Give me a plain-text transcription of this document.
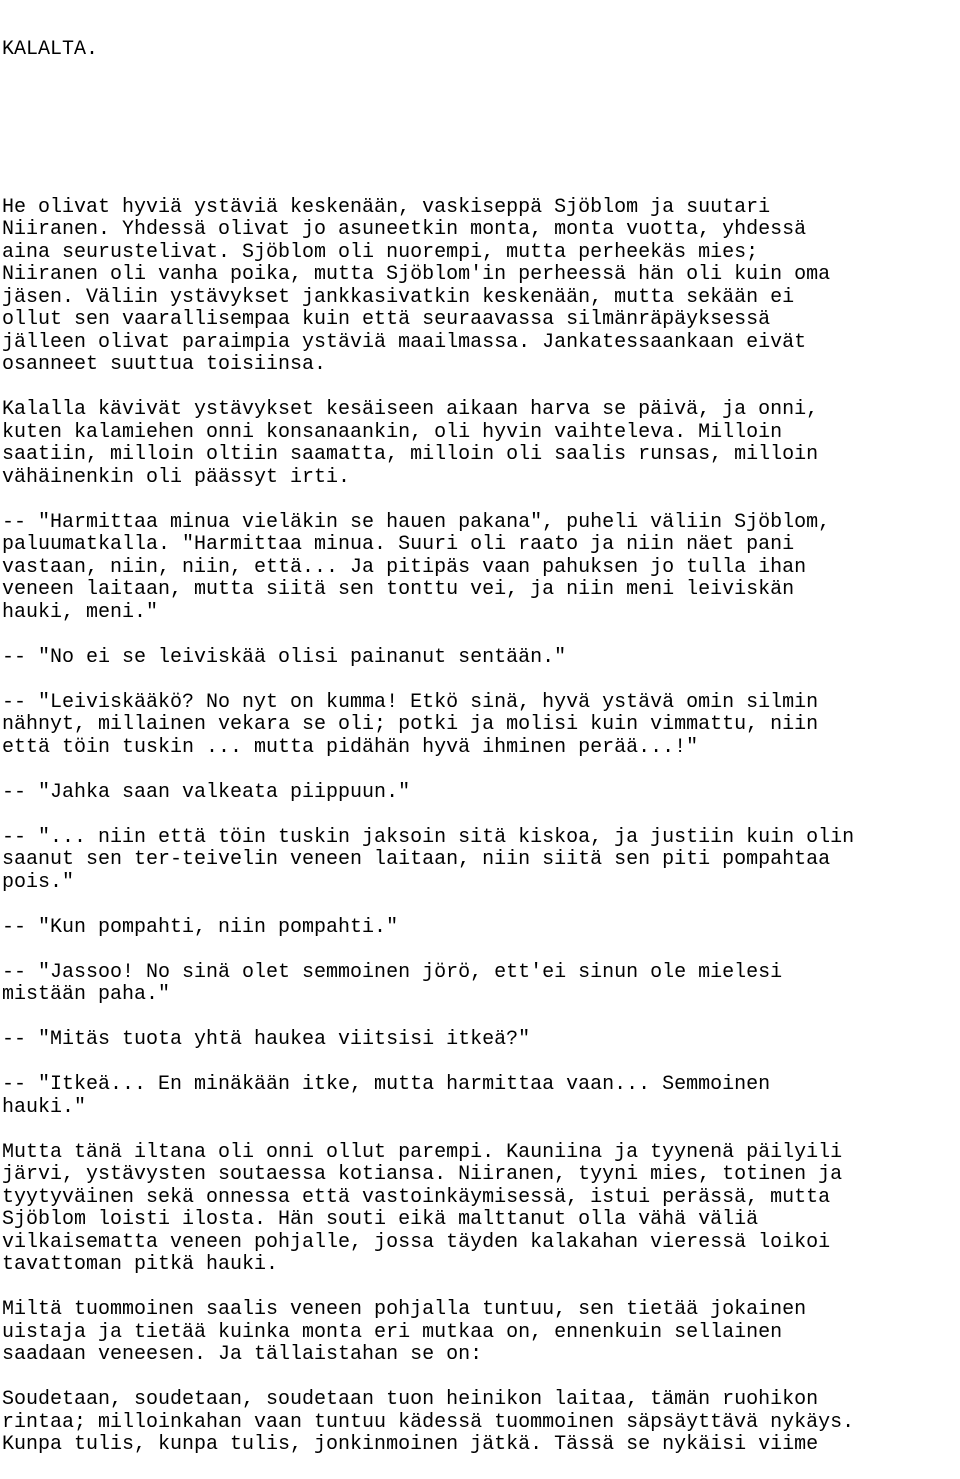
KALALTA.

He olivat hyviä ystäviä keskenään, vaskiseppä Sjöblom ja suutari
Niiranen. Yhdessä olivat jo asuneetkin monta, monta vuotta, yhdessä
aina seurustelivat. Sjöblom oli nuorempi, mutta perheekäs mies;
Niiranen oli vanha poika, mutta Sjöblom'in perheessä hän oli kuin oma
jäsen. Väliin ystävykset jankkasivatkin keskenään, mutta sekään ei
ollut sen vaarallisempaa kuin että seuraavassa silmänräpäyksessä
jälleen olivat paraimpia ystäviä maailmassa. Jankatessaankaan eivät
osanneet suuttua toisiinsa.
Kalalla kävivät ystävykset kesäiseen aikaan harva se päivä, ja onni,
kuten kalamiehen onni konsanaankin, oli hyvin vaihteleva. Milloin
saatiin, milloin oltiin saamatta, milloin oli saalis runsas, milloin
vähäinenkin oli päässyt irti.
-- "Harmittaa minua vieläkin se hauen pakana", puheli väliin Sjöblom,
paluumatkalla. "Harmittaa minua. Suuri oli raato ja niin näet pani
vastaan, niin, niin, että... Ja pitipäs vaan pahuksen jo tulla ihan
veneen laitaan, mutta siitä sen tonttu vei, ja niin meni leiviskän
hauki, meni."
-- "No ei se leiviskää olisi painanut sentään."
-- "Leiviskääkö? No nyt on kumma! Etkö sinä, hyvä ystävä omin silmin
nähnyt, millainen vekara se oli; potki ja molisi kuin vimmattu, niin
että töin tuskin ... mutta pidähän hyvä ihminen perää...!"
-- "Jahka saan valkeata piippuun."
-- "... niin että töin tuskin jaksoin sitä kiskoa, ja justiin kuin olin
saanut sen ter-teivelin veneen laitaan, niin siitä sen piti pompahtaa
pois."
-- "Kun pompahti, niin pompahti."
-- "Jassoo! No sinä olet semmoinen jörö, ett'ei sinun ole mielesi
mistään paha."
-- "Mitäs tuota yhtä haukea viitsisi itkeä?"
-- "Itkeä... En minäkään itke, mutta harmittaa vaan... Semmoinen
hauki."
Mutta tänä iltana oli onni ollut parempi. Kauniina ja tyynenä päilyili
järvi, ystävysten soutaessa kotiansa. Niiranen, tyyni mies, totinen ja
tyytyväinen sekä onnessa että vastoinkäymisessä, istui perässä, mutta
Sjöblom loisti ilosta. Hän souti eikä malttanut olla vähä väliä
vilkaisematta veneen pohjalle, jossa täyden kalakahan vieressä loikoi
tavattoman pitkä hauki.
Miltä tuommoinen saalis veneen pohjalla tuntuu, sen tietää jokainen
uistaja ja tietää kuinka monta eri mutkaa on, ennenkuin sellainen
saadaan veneesen. Ja tällaistahan se on:
Soudetaan, soudetaan, soudetaan tuon heinikon laitaa, tämän ruohikon
rintaa; milloinkahan vaan tuntuu kädessä tuommoinen säpsäyttävä nykäys.
Kunpa tulis, kunpa tulis, jonkinmoinen jätkä. Tässä se nykäisi viime
